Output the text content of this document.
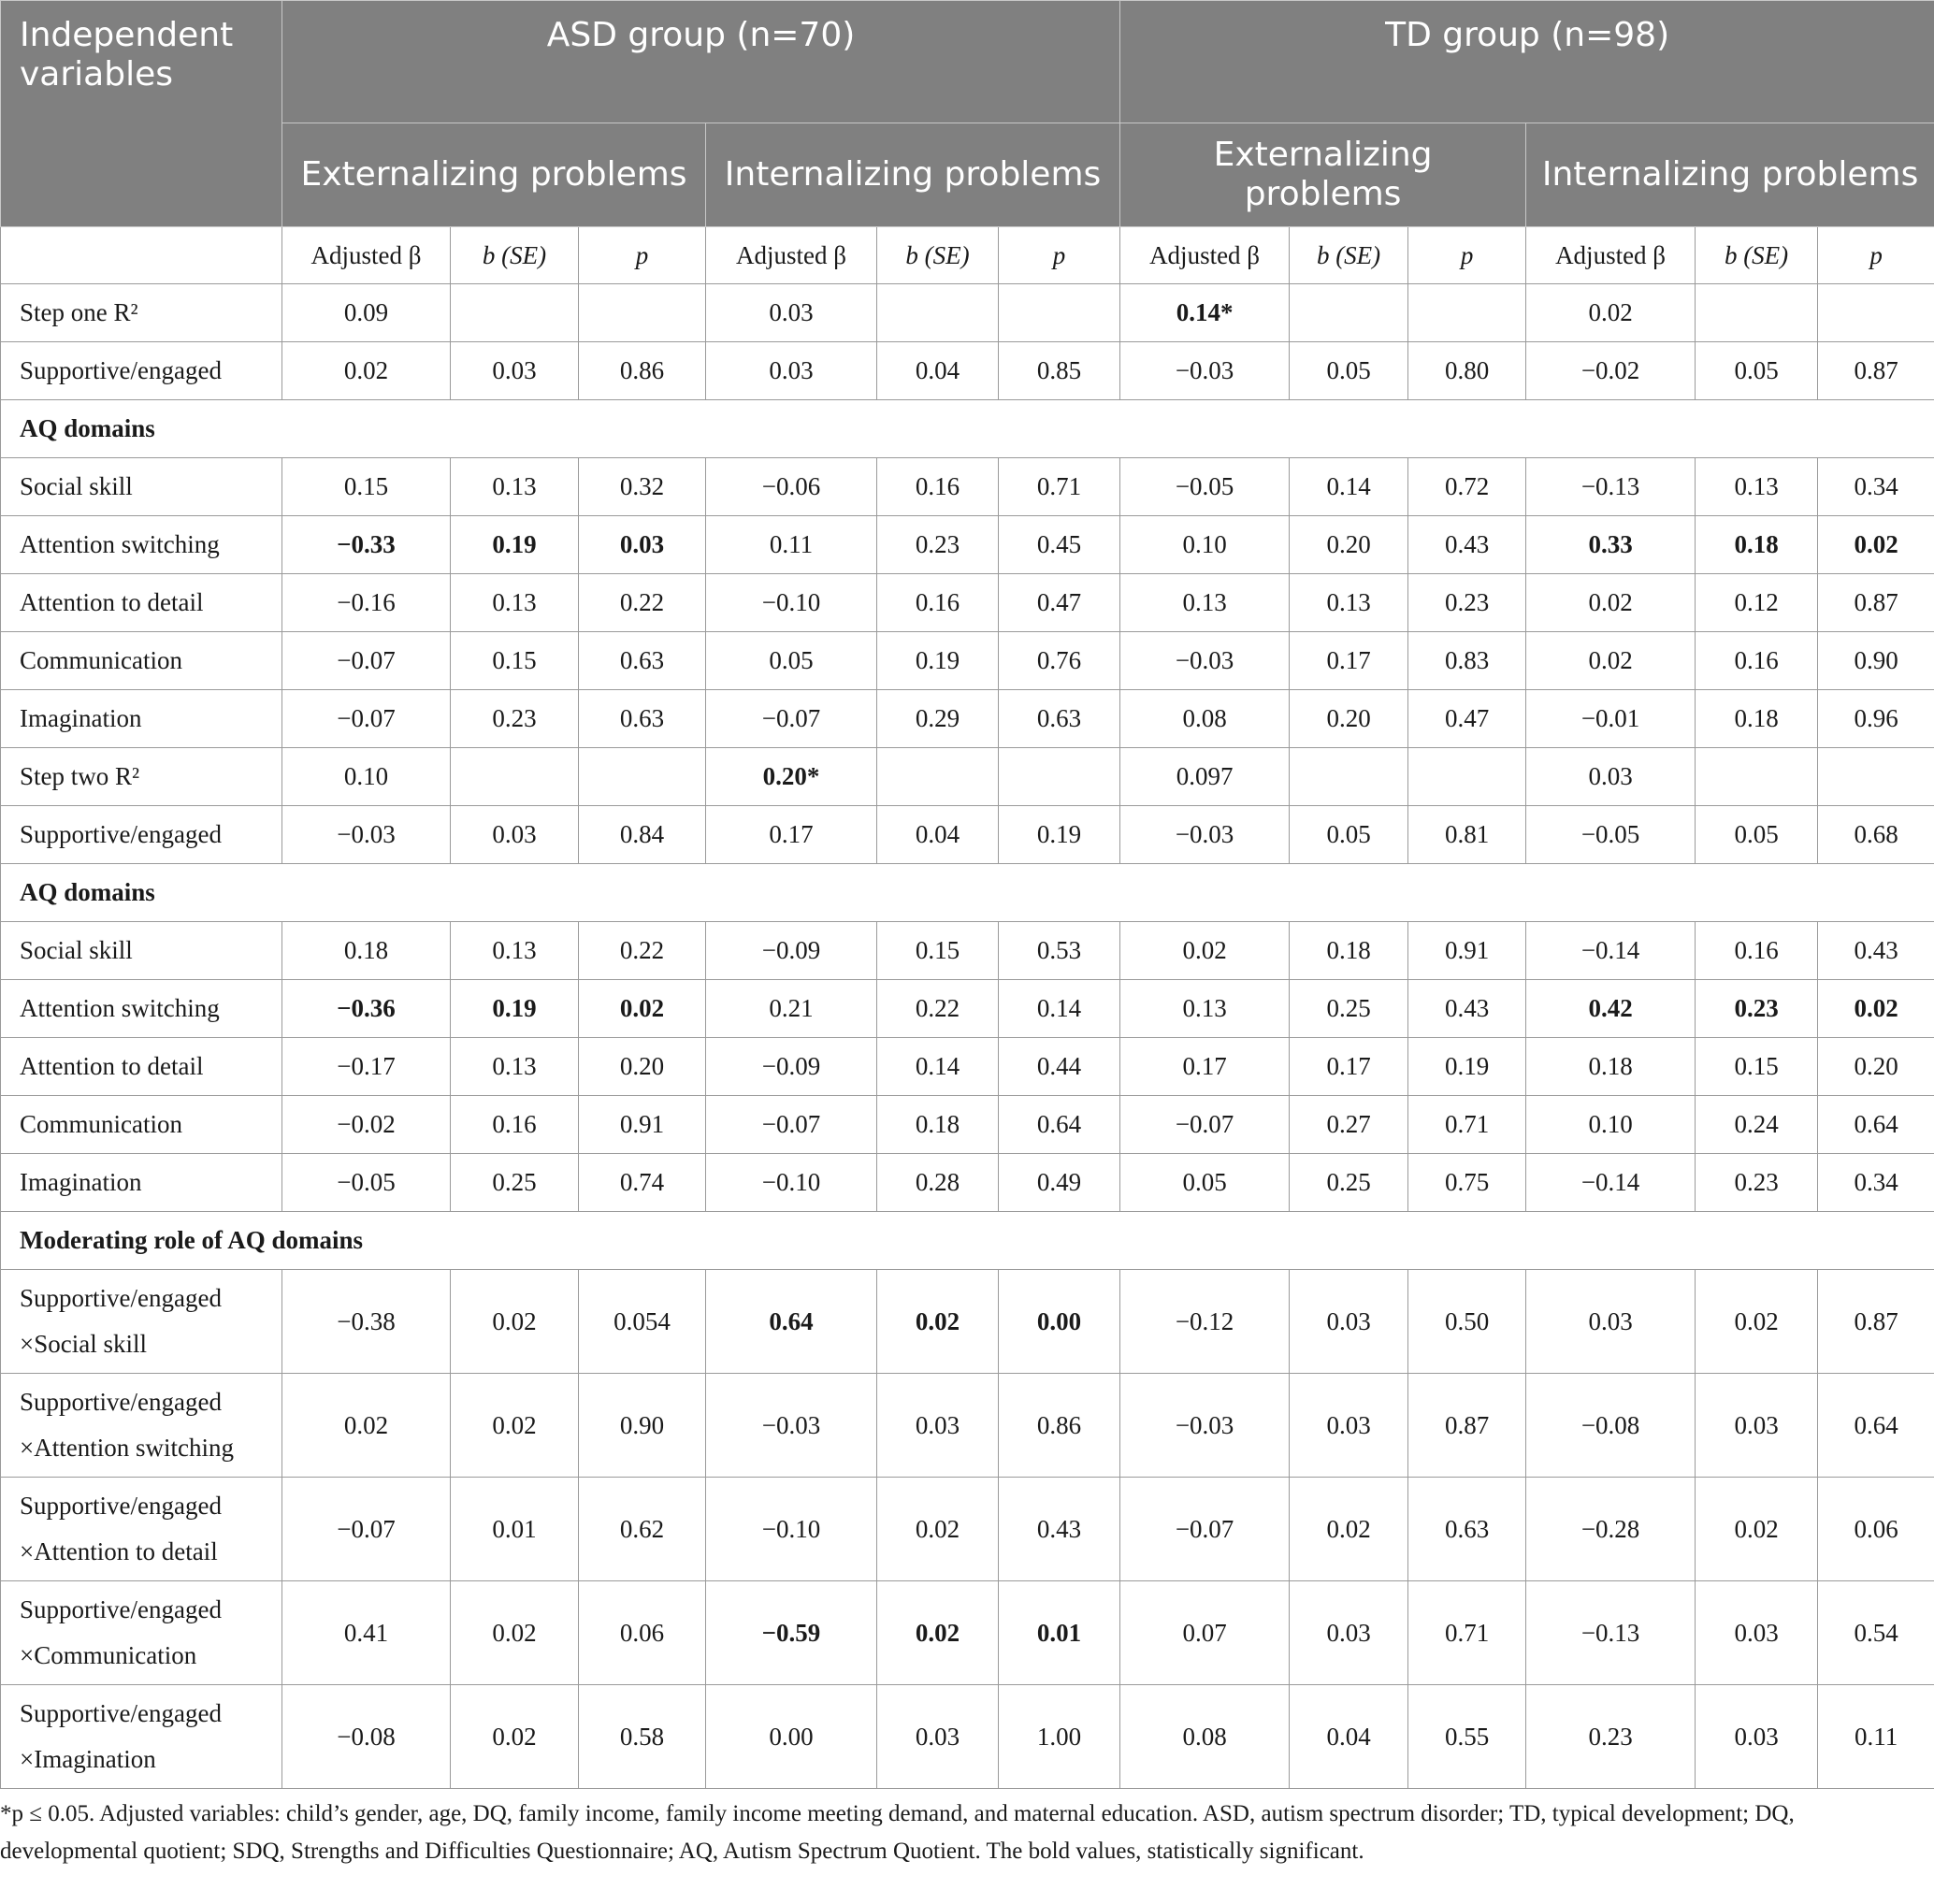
Independent variables	ASD group (n=70)						TD group (n=98)					
	Externalizing problems			Internalizing problems			Externalizing problems			Internalizing problems		
	Adjusted β	b (SE)	p	Adjusted β	b (SE)	p	Adjusted β	b (SE)	p	Adjusted β	b (SE)	p

Step one R²	0.09			0.03			0.14*			0.02		

Supportive/engaged	0.02	0.03	0.86	0.03	0.04	0.85	−0.03	0.05	0.80	−0.02	0.05	0.87
AQ domains												

Social skill	0.15	0.13	0.32	−0.06	0.16	0.71	−0.05	0.14	0.72	−0.13	0.13	0.34

Attention switching	−0.33	0.19	0.03	0.11	0.23	0.45	0.10	0.20	0.43	0.33	0.18	0.02

Attention to detail	−0.16	0.13	0.22	−0.10	0.16	0.47	0.13	0.13	0.23	0.02	0.12	0.87

Communication	−0.07	0.15	0.63	0.05	0.19	0.76	−0.03	0.17	0.83	0.02	0.16	0.90

Imagination	−0.07	0.23	0.63	−0.07	0.29	0.63	0.08	0.20	0.47	−0.01	0.18	0.96

Step two R²	0.10			0.20*			0.097			0.03		

Supportive/engaged	−0.03	0.03	0.84	0.17	0.04	0.19	−0.03	0.05	0.81	−0.05	0.05	0.68
AQ domains												

Social skill	0.18	0.13	0.22	−0.09	0.15	0.53	0.02	0.18	0.91	−0.14	0.16	0.43

Attention switching	−0.36	0.19	0.02	0.21	0.22	0.14	0.13	0.25	0.43	0.42	0.23	0.02

Attention to detail	−0.17	0.13	0.20	−0.09	0.14	0.44	0.17	0.17	0.19	0.18	0.15	0.20

Communication	−0.02	0.16	0.91	−0.07	0.18	0.64	−0.07	0.27	0.71	0.10	0.24	0.64

Imagination	−0.05	0.25	0.74	−0.10	0.28	0.49	0.05	0.25	0.75	−0.14	0.23	0.34
Moderating role of AQ domains												

Supportive/engaged
×Social skill	−0.38	0.02	0.054	0.64	0.02	0.00	−0.12	0.03	0.50	0.03	0.02	0.87

Supportive/engaged
×Attention switching	0.02	0.02	0.90	−0.03	0.03	0.86	−0.03	0.03	0.87	−0.08	0.03	0.64

Supportive/engaged
×Attention to detail	−0.07	0.01	0.62	−0.10	0.02	0.43	−0.07	0.02	0.63	−0.28	0.02	0.06

Supportive/engaged
×Communication	0.41	0.02	0.06	−0.59	0.02	0.01	0.07	0.03	0.71	−0.13	0.03	0.54

Supportive/engaged
×Imagination	−0.08	0.02	0.58	0.00	0.03	1.00	0.08	0.04	0.55	0.23	0.03	0.11
*p ≤ 0.05. Adjusted variables: child’s gender, age, DQ, family income, family income meeting demand, and maternal education. ASD, autism spectrum disorder; TD, typical development; DQ, developmental quotient; SDQ, Strengths and Difficulties Questionnaire; AQ, Autism Spectrum Quotient. The bold values, statistically significant.
